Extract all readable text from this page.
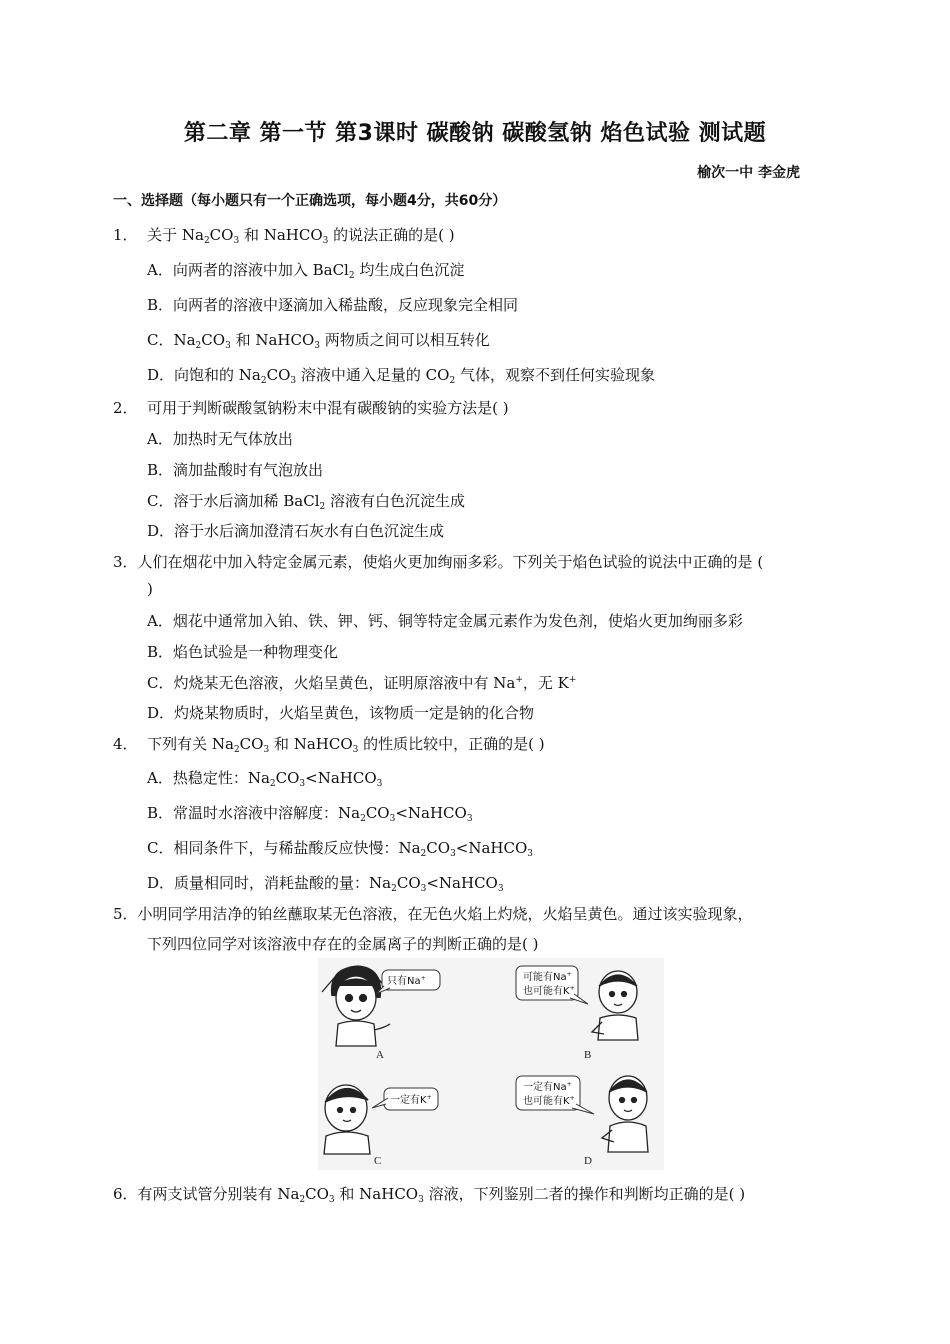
第二章 第一节 第3课时 碳酸钠 碳酸氢钠 焰色试验 测试题
榆次一中 李金虎
一、选择题（每小题只有一个正确选项，每小题4分，共60分）
1． 关于 $Na_2CO_3$ 和 NaHCO$_3$ 的说法正确的是( )
A．向两者的溶液中加入 BaCl$_2$ 均生成白色沉淀
B．向两者的溶液中逐滴加入稀盐酸，反应现象完全相同
C．$Na_2CO_3$ 和 NaHCO$_3$ 两物质之间可以相互转化
D．向饱和的 $Na_2CO_3$ 溶液中通入足量的 $CO_2$ 气体，观察不到任何实验现象
2． 可用于判断碳酸氢钠粉末中混有碳酸钠的实验方法是( )
A．加热时无气体放出
B．滴加盐酸时有气泡放出
C．溶于水后滴加稀 BaCl$_2$ 溶液有白色沉淀生成
D．溶于水后滴加澄清石灰水有白色沉淀生成
3．人们在烟花中加入特定金属元素，使焰火更加绚丽多彩。下列关于焰色试验的说法中正确的是 (
)
A．烟花中通常加入铂、铁、钾、钙、铜等特定金属元素作为发色剂，使焰火更加绚丽多彩
B．焰色试验是一种物理变化
C．灼烧某无色溶液，火焰呈黄色，证明原溶液中有 Na+，无 K+
D．灼烧某物质时，火焰呈黄色，该物质一定是钠的化合物
4． 下列有关 $Na_2CO_3$ 和 NaHCO$_3$ 的性质比较中，正确的是( )
A．热稳定性：$Na_2CO_3<NaHCO_3$
B．常温时水溶液中溶解度：$Na_2CO_3<NaHCO_3$
C．相同条件下，与稀盐酸反应快慢：$Na_2CO_3<NaHCO_3$
D．质量相同时，消耗盐酸的量：$Na_2CO_3<NaHCO_3$
5．小明同学用洁净的铂丝蘸取某无色溶液，在无色火焰上灼烧，火焰呈黄色。通过该实验现象，
下列四位同学对该溶液中存在的金属离子的判断正确的是( )
只有Na+
A
可能有Na+
也可能有K+
B
一定有K+
C
一定有Na+
也可能有K+
D
6．有两支试管分别装有 $Na_2CO_3$ 和 NaHCO$_3$ 溶液，下列鉴别二者的操作和判断均正确的是( )
